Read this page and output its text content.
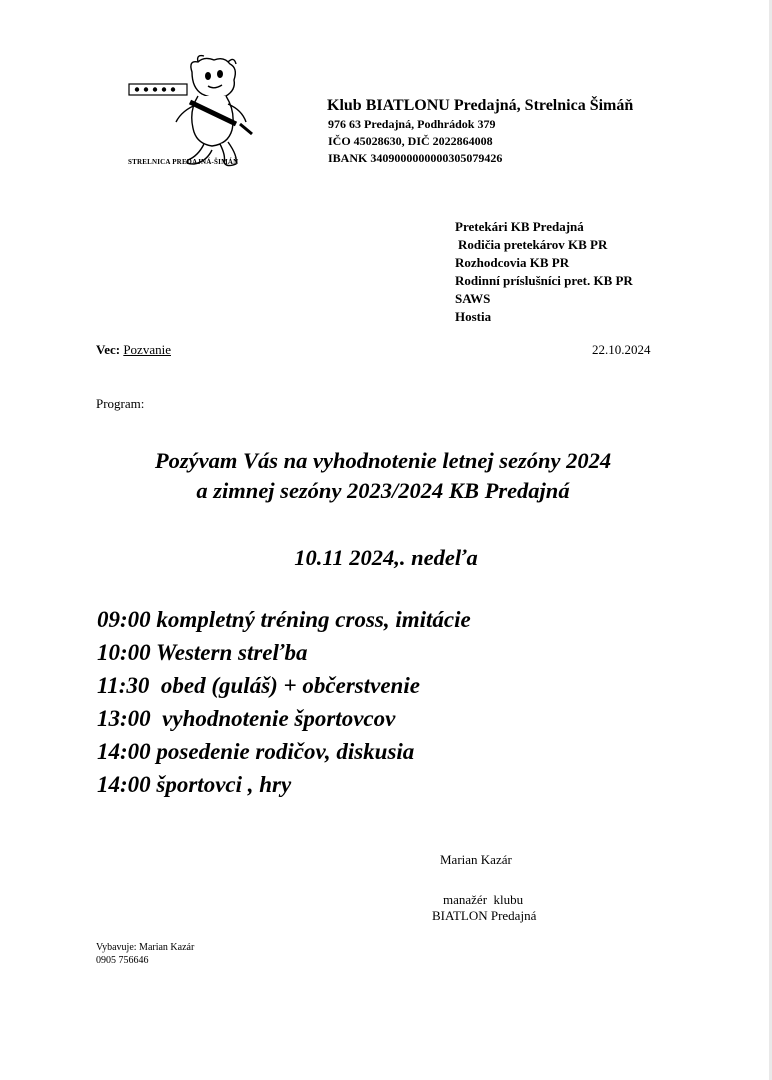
STRELNICA PREDAJNÁ-ŠIMÁŇ
Klub BIATLONU Predajná, Strelnica Šimáň
976 63 Predajná, Podhrádok 379
IČO 45028630, DIČ 2022864008
IBANK 3409000000000305079426
Pretekári KB Predajná
Rodičia pretekárov KB PR
Rozhodcovia KB PR
Rodinní príslušníci pret. KB PR
SAWS
Hostia
Vec: Pozvanie	22.10.2024
Program:
Pozývam Vás na vyhodnotenie letnej sezóny 2024
a zimnej sezóny 2023/2024 KB Predajná
10.11 2024,. nedeľa
09:00 kompletný tréning cross, imitácie
10:00 Western streľba
11:30  obed (guláš) + občerstvenie
13:00  vyhodnotenie športovcov
14:00 posedenie rodičov, diskusia
14:00 športovci , hry
Marian Kazár
manažér  klubu
BIATLON Predajná
Vybavuje: Marian Kazár
0905 756646
